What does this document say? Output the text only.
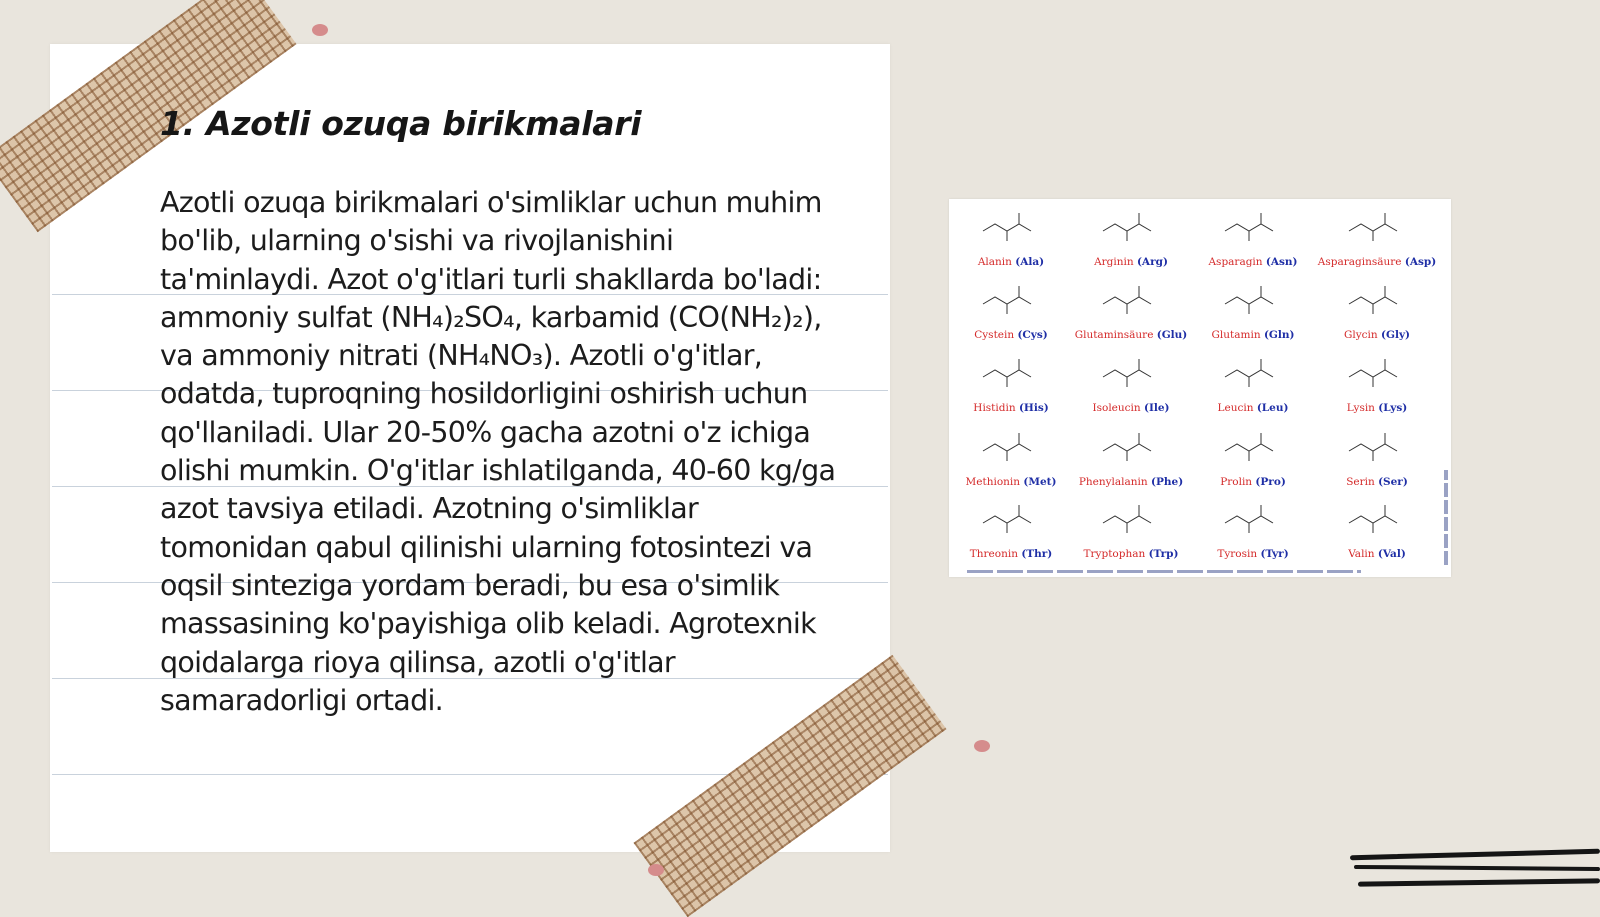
1. Azotli ozuqa birikmalari

Azotli ozuqa birikmalari o'simliklar uchun muhim bo'lib, ularning o'sishi va rivojlanishini ta'minlaydi. Azot o'g'itlari turli shakllarda bo'ladi: ammoniy sulfat (NH₄)₂SO₄, karbamid (CO(NH₂)₂), va ammoniy nitrati (NH₄NO₃). Azotli o'g'itlar, odatda, tuproqning hosildorligini oshirish uchun qo'llaniladi. Ular 20-50% gacha azotni o'z ichiga olishi mumkin. O'g'itlar ishlatilganda, 40-60 kg/ga azot tavsiya etiladi. Azotning o'simliklar tomonidan qabul qilinishi ularning fotosintezi va oqsil sinteziga yordam beradi, bu esa o'simlik massasining ko'payishiga olib keladi. Agrotexnik qoidalarga rioya qilinsa, azotli o'g'itlar samaradorligi ortadi.

Alanin (Ala)	Arginin (Arg)	Asparagin (Asn) Asparaginsäure (Asp)
Cystein (Cys)	Glutaminsäure (Glu) Glutamin (Gln)	Glycin (Gly)
Histidin (His)	Isoleucin (Ile)	Leucin (Leu)	Lysin (Lys)
Methionin (Met) Phenylalanin (Phe)	Prolin (Pro)	Serin (Ser)
Threonin (Thr)	Tryptophan (Trp)	Tyrosin (Tyr)	Valin (Val)
